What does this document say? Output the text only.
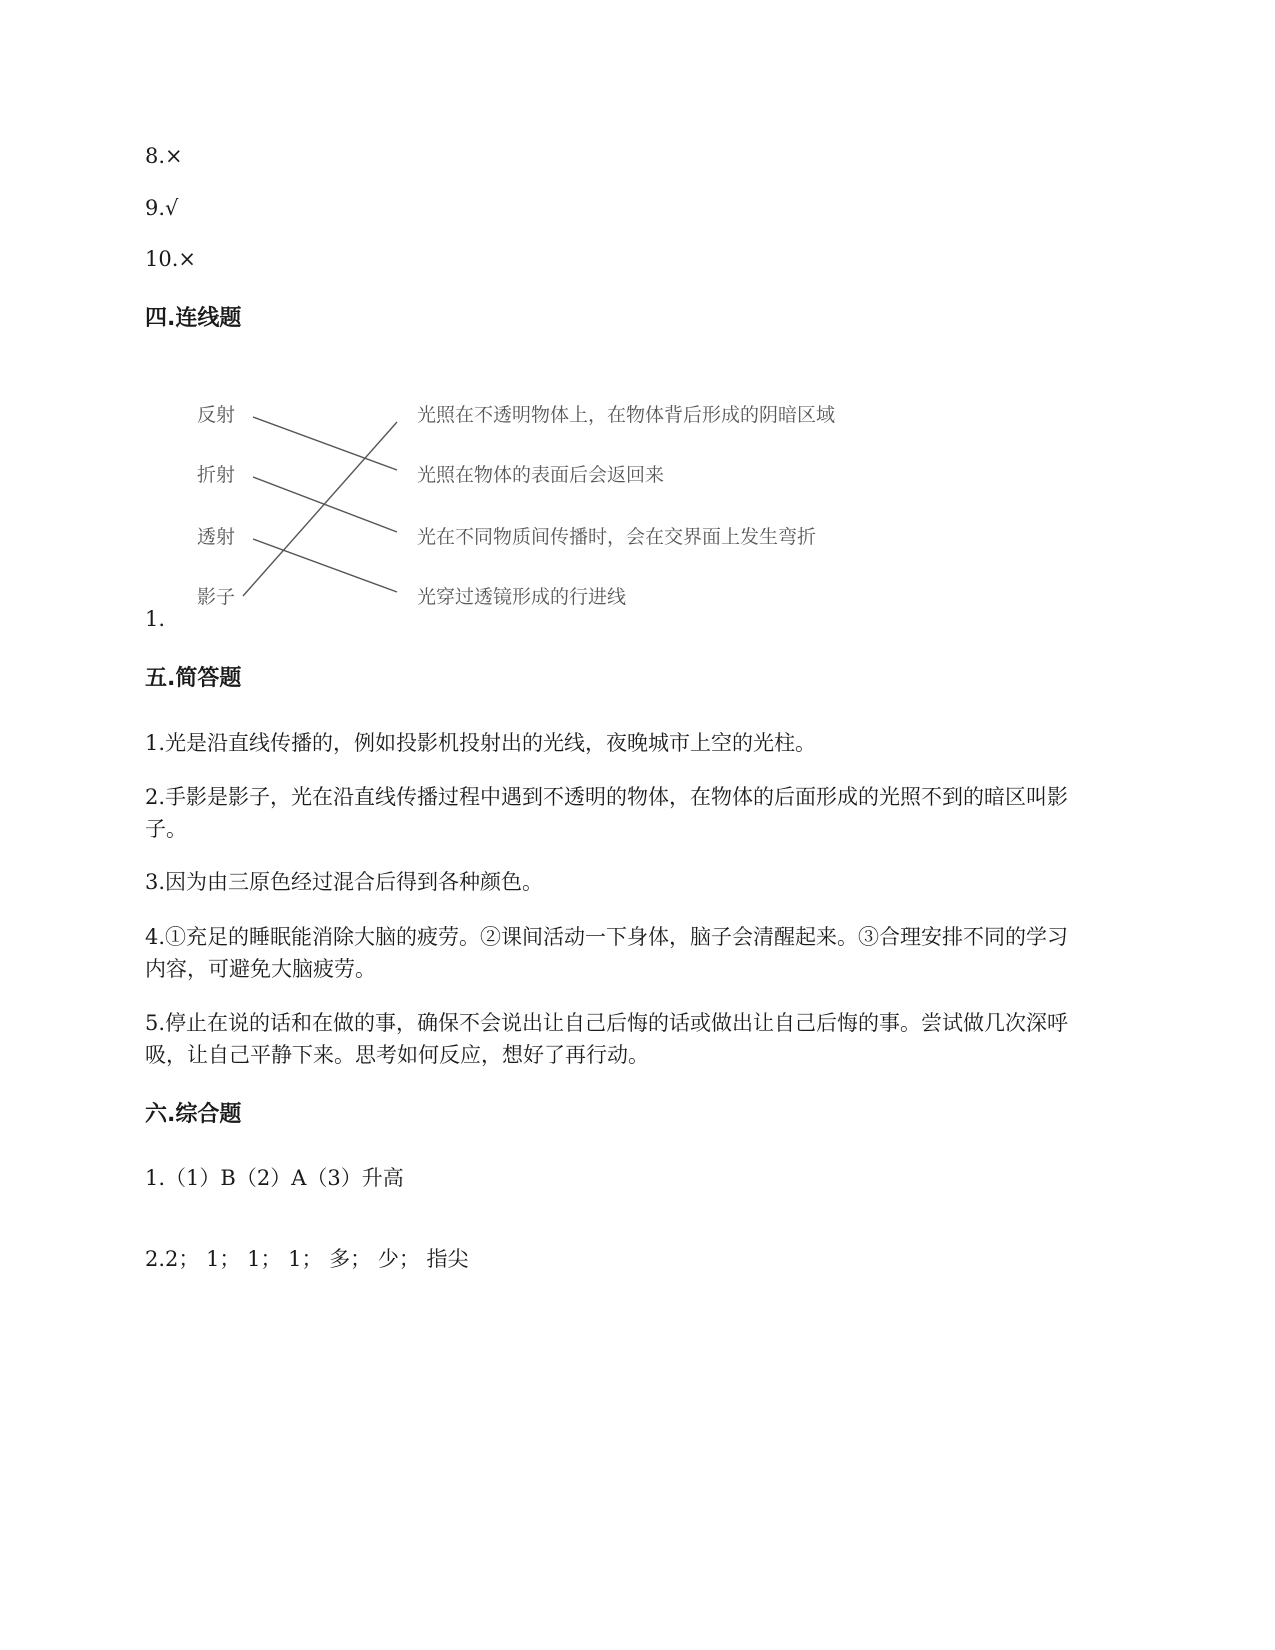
8.×
9.√
10.×
四.连线题
反射
折射
透射
影子
光照在不透明物体上，在物体背后形成的阴暗区域
光照在物体的表面后会返回来
光在不同物质间传播时，会在交界面上发生弯折
光穿过透镜形成的行进线
1.
五.简答题
1.光是沿直线传播的，例如投影机投射出的光线，夜晚城市上空的光柱。
2.手影是影子，光在沿直线传播过程中遇到不透明的物体，在物体的后面形成的光照不到的暗区叫影子。
3.因为由三原色经过混合后得到各种颜色。
4.①充足的睡眠能消除大脑的疲劳。②课间活动一下身体，脑子会清醒起来。③合理安排不同的学习内容，可避免大脑疲劳。
5.停止在说的话和在做的事，确保不会说出让自己后悔的话或做出让自己后悔的事。尝试做几次深呼吸，让自己平静下来。思考如何反应，想好了再行动。
六.综合题
1.（1）B（2）A（3）升高
2.2； 1； 1； 1； 多； 少； 指尖
